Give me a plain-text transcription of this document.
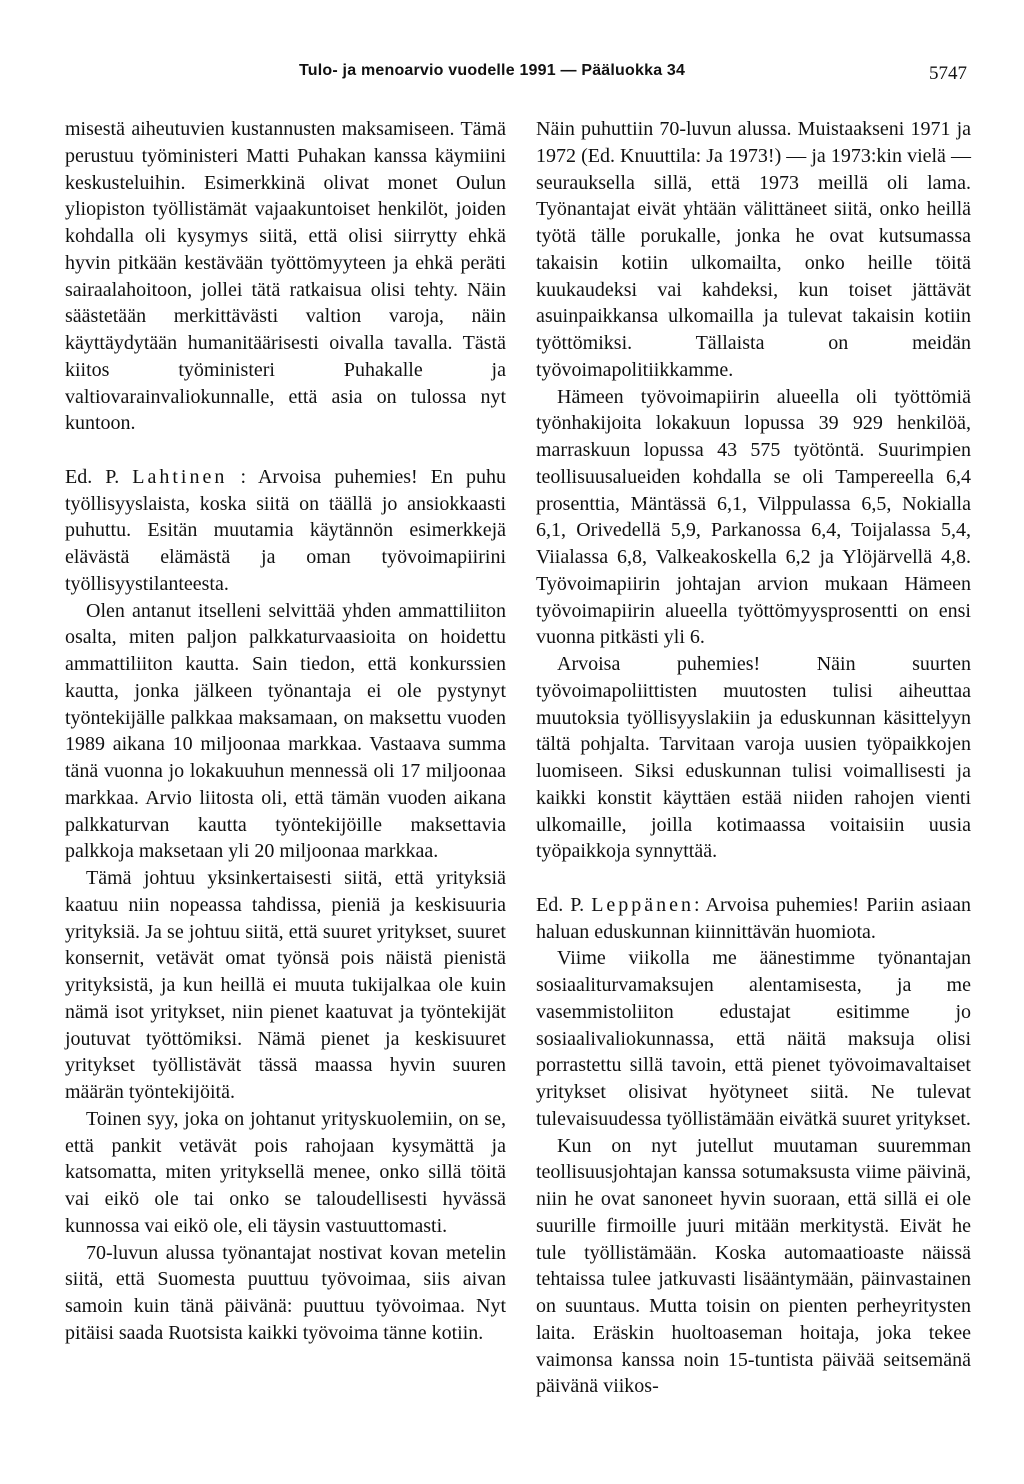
Tulo- ja menoarvio vuodelle 1991 — Pääluokka 34	5747

misestä aiheutuvien kustannusten maksamiseen. Tämä perustuu työministeri Matti Puhakan kanssa käymiini keskusteluihin. Esimerkkinä olivat monet Oulun yliopiston työllistämät vajaakuntoiset henkilöt, joiden kohdalla oli kysymys siitä, että olisi siirrytty ehkä hyvin pitkään kestävään työttömyyteen ja ehkä peräti sairaalahoitoon, jollei tätä ratkaisua olisi tehty. Näin säästetään merkittävästi valtion varoja, näin käyttäydytään humanitäärisesti oivalla tavalla. Tästä kiitos työministeri Puhakalle ja valtiovarainvaliokunnalle, että asia on tulossa nyt kuntoon.

Ed. P. Lahtinen : Arvoisa puhemies! En puhu työllisyyslaista, koska siitä on täällä jo ansiokkaasti puhuttu. Esitän muutamia käytännön esimerkkejä elävästä elämästä ja oman työvoimapiirini työllisyystilanteesta.

Olen antanut itselleni selvittää yhden ammattiliiton osalta, miten paljon palkkaturvaasioita on hoidettu ammattiliiton kautta. Sain tiedon, että konkurssien kautta, jonka jälkeen työnantaja ei ole pystynyt työntekijälle palkkaa maksamaan, on maksettu vuoden 1989 aikana 10 miljoonaa markkaa. Vastaava summa tänä vuonna jo lokakuuhun mennessä oli 17 miljoonaa markkaa. Arvio liitosta oli, että tämän vuoden aikana palkkaturvan kautta työntekijöille maksettavia palkkoja maksetaan yli 20 miljoonaa markkaa.

Tämä johtuu yksinkertaisesti siitä, että yrityksiä kaatuu niin nopeassa tahdissa, pieniä ja keskisuuria yrityksiä. Ja se johtuu siitä, että suuret yritykset, suuret konsernit, vetävät omat työnsä pois näistä pienistä yrityksistä, ja kun heillä ei muuta tukijalkaa ole kuin nämä isot yritykset, niin pienet kaatuvat ja työntekijät joutuvat työttömiksi. Nämä pienet ja keskisuuret yritykset työllistävät tässä maassa hyvin suuren määrän työntekijöitä.

Toinen syy, joka on johtanut yrityskuolemiin, on se, että pankit vetävät pois rahojaan kysymättä ja katsomatta, miten yrityksellä menee, onko sillä töitä vai eikö ole tai onko se taloudellisesti hyvässä kunnossa vai eikö ole, eli täysin vastuuttomasti.

70-luvun alussa työnantajat nostivat kovan metelin siitä, että Suomesta puuttuu työvoimaa, siis aivan samoin kuin tänä päivänä: puuttuu työvoimaa. Nyt pitäisi saada Ruotsista kaikki työvoima tänne kotiin.

Näin puhuttiin 70-luvun alussa. Muistaakseni 1971 ja 1972 (Ed. Knuuttila: Ja 1973!) — ja 1973:kin vielä — seurauksella sillä, että 1973 meillä oli lama. Työnantajat eivät yhtään välittäneet siitä, onko heillä työtä tälle porukalle, jonka he ovat kutsumassa takaisin kotiin ulkomailta, onko heille töitä kuukaudeksi vai kahdeksi, kun toiset jättävät asuinpaikkansa ulkomailla ja tulevat takaisin kotiin työttömiksi. Tällaista on meidän työvoimapolitiikkamme.

Hämeen työvoimapiirin alueella oli työttömiä työnhakijoita lokakuun lopussa 39 929 henkilöä, marraskuun lopussa 43 575 työtöntä. Suurimpien teollisuusalueiden kohdalla se oli Tampereella 6,4 prosenttia, Mäntässä 6,1, Vilppulassa 6,5, Nokialla 6,1, Orivedellä 5,9, Parkanossa 6,4, Toijalassa 5,4, Viialassa 6,8, Valkeakoskella 6,2 ja Ylöjärvellä 4,8. Työvoimapiirin johtajan arvion mukaan Hämeen työvoimapiirin alueella työttömyysprosentti on ensi vuonna pitkästi yli 6.

Arvoisa puhemies! Näin suurten työvoimapoliittisten muutosten tulisi aiheuttaa muutoksia työllisyyslakiin ja eduskunnan käsittelyyn tältä pohjalta. Tarvitaan varoja uusien työpaikkojen luomiseen. Siksi eduskunnan tulisi voimallisesti ja kaikki konstit käyttäen estää niiden rahojen vienti ulkomaille, joilla kotimaassa voitaisiin uusia työpaikkoja synnyttää.

Ed. P. Leppänen: Arvoisa puhemies! Pariin asiaan haluan eduskunnan kiinnittävän huomiota.

Viime viikolla me äänestimme työnantajan sosiaaliturvamaksujen alentamisesta, ja me vasemmistoliiton edustajat esitimme jo sosiaalivaliokunnassa, että näitä maksuja olisi porrastettu sillä tavoin, että pienet työvoimavaltaiset yritykset olisivat hyötyneet siitä. Ne tulevat tulevaisuudessa työllistämään eivätkä suuret yritykset.

Kun on nyt jutellut muutaman suuremman teollisuusjohtajan kanssa sotumaksusta viime päivinä, niin he ovat sanoneet hyvin suoraan, että sillä ei ole suurille firmoille juuri mitään merkitystä. Eivät he tule työllistämään. Koska automaatioaste näissä tehtaissa tulee jatkuvasti lisääntymään, päinvastainen on suuntaus. Mutta toisin on pienten perheyritysten laita. Eräskin huoltoaseman hoitaja, joka tekee vaimonsa kanssa noin 15-tuntista päivää seitsemänä päivänä viikos-
